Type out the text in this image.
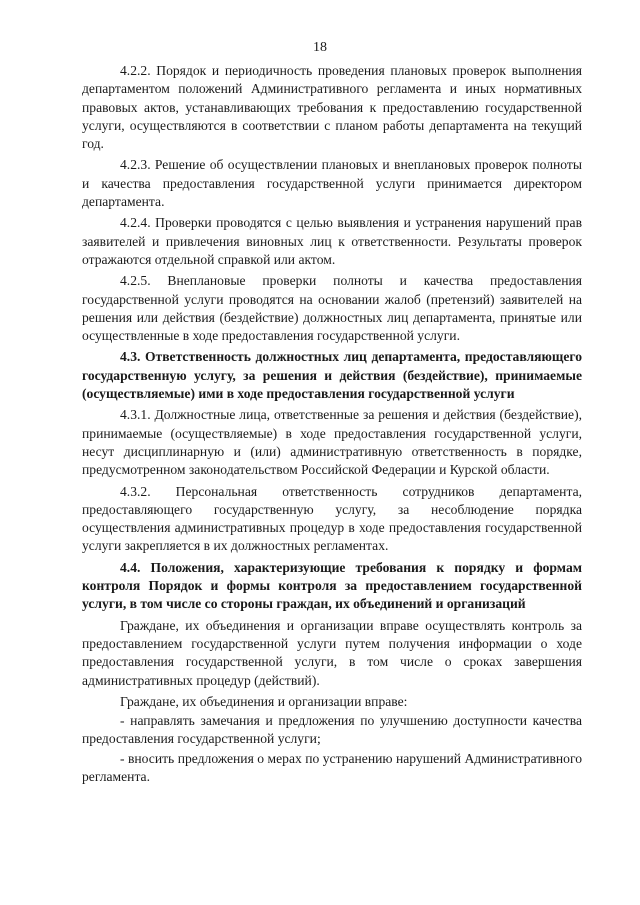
18

4.2.2. Порядок и периодичность проведения плановых проверок выполнения департаментом положений Административного регламента и иных нормативных правовых актов, устанавливающих требования к предоставлению государственной услуги, осуществляются в соответствии с планом работы департамента на текущий год.

4.2.3. Решение об осуществлении плановых и внеплановых проверок полноты и качества предоставления государственной услуги принимается директором департамента.

4.2.4. Проверки проводятся с целью выявления и устранения нарушений прав заявителей и привлечения виновных лиц к ответственности. Результаты проверок отражаются отдельной справкой или актом.

4.2.5. Внеплановые проверки полноты и качества предоставления государственной услуги проводятся на основании жалоб (претензий) заявителей на решения или действия (бездействие) должностных лиц департамента, принятые или осуществленные в ходе предоставления государственной услуги.

4.3. Ответственность должностных лиц департамента, предоставляющего государственную услугу, за решения и действия (бездействие), принимаемые (осуществляемые) ими в ходе предоставления государственной услуги

4.3.1. Должностные лица, ответственные за решения и действия (бездействие), принимаемые (осуществляемые) в ходе предоставления государственной услуги, несут дисциплинарную и (или) административную ответственность в порядке, предусмотренном законодательством Российской Федерации и Курской области.

4.3.2. Персональная ответственность сотрудников департамента, предоставляющего государственную услугу, за несоблюдение порядка осуществления административных процедур в ходе предоставления государственной услуги закрепляется в их должностных регламентах.

4.4. Положения, характеризующие требования к порядку и формам контроля Порядок и формы контроля за предоставлением государственной услуги, в том числе со стороны граждан, их объединений и организаций

Граждане, их объединения и организации вправе осуществлять контроль за предоставлением государственной услуги путем получения информации о ходе предоставления государственной услуги, в том числе о сроках завершения административных процедур (действий).

Граждане, их объединения и организации вправе:

- направлять замечания и предложения по улучшению доступности качества предоставления государственной услуги;

- вносить предложения о мерах по устранению нарушений Административного регламента.
